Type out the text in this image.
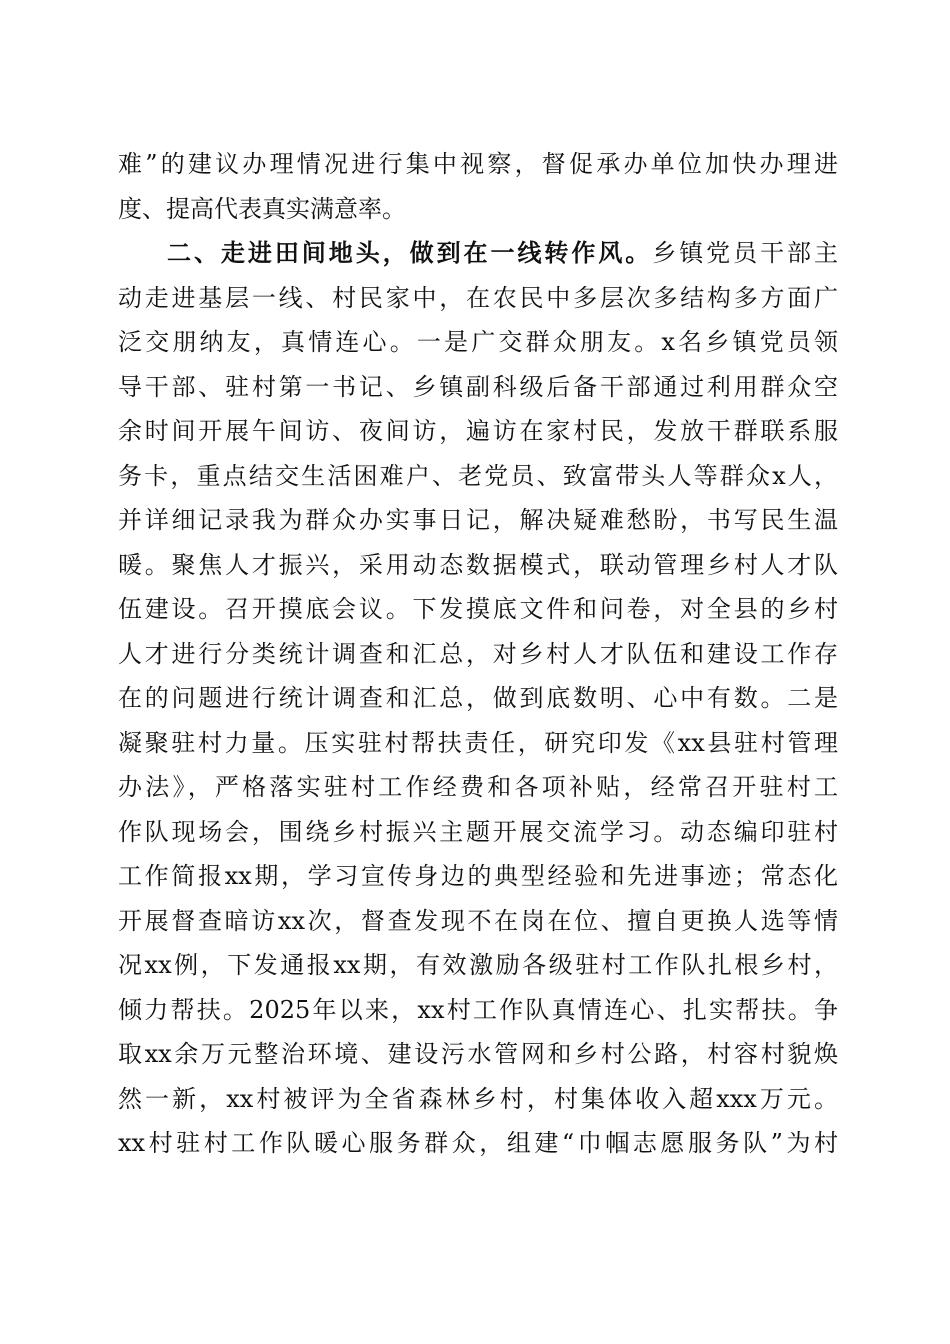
难”的建议办理情况进行集中视察，督促承办单位加快办理进
度、提高代表真实满意率。
二、走进田间地头，做到在一线转作风。乡镇党员干部主
动走进基层一线、村民家中，在农民中多层次多结构多方面广
泛交朋纳友，真情连心。一是广交群众朋友。x名乡镇党员领
导干部、驻村第一书记、乡镇副科级后备干部通过利用群众空
余时间开展午间访、夜间访，遍访在家村民，发放干群联系服
务卡，重点结交生活困难户、老党员、致富带头人等群众x人，
并详细记录我为群众办实事日记，解决疑难愁盼，书写民生温
暖。聚焦人才振兴，采用动态数据模式，联动管理乡村人才队
伍建设。召开摸底会议。下发摸底文件和问卷，对全县的乡村
人才进行分类统计调查和汇总，对乡村人才队伍和建设工作存
在的问题进行统计调查和汇总，做到底数明、心中有数。二是
凝聚驻村力量。压实驻村帮扶责任，研究印发《xx县驻村管理
办法》，严格落实驻村工作经费和各项补贴，经常召开驻村工
作队现场会，围绕乡村振兴主题开展交流学习。动态编印驻村
工作简报xx期，学习宣传身边的典型经验和先进事迹；常态化
开展督查暗访xx次，督查发现不在岗在位、擅自更换人选等情
况xx例，下发通报xx期，有效激励各级驻村工作队扎根乡村，
倾力帮扶。2025年以来，xx村工作队真情连心、扎实帮扶。争
取xx余万元整治环境、建设污水管网和乡村公路，村容村貌焕
然一新，xx村被评为全省森林乡村，村集体收入超xxx万元。
xx村驻村工作队暖心服务群众，组建“巾帼志愿服务队”为村
